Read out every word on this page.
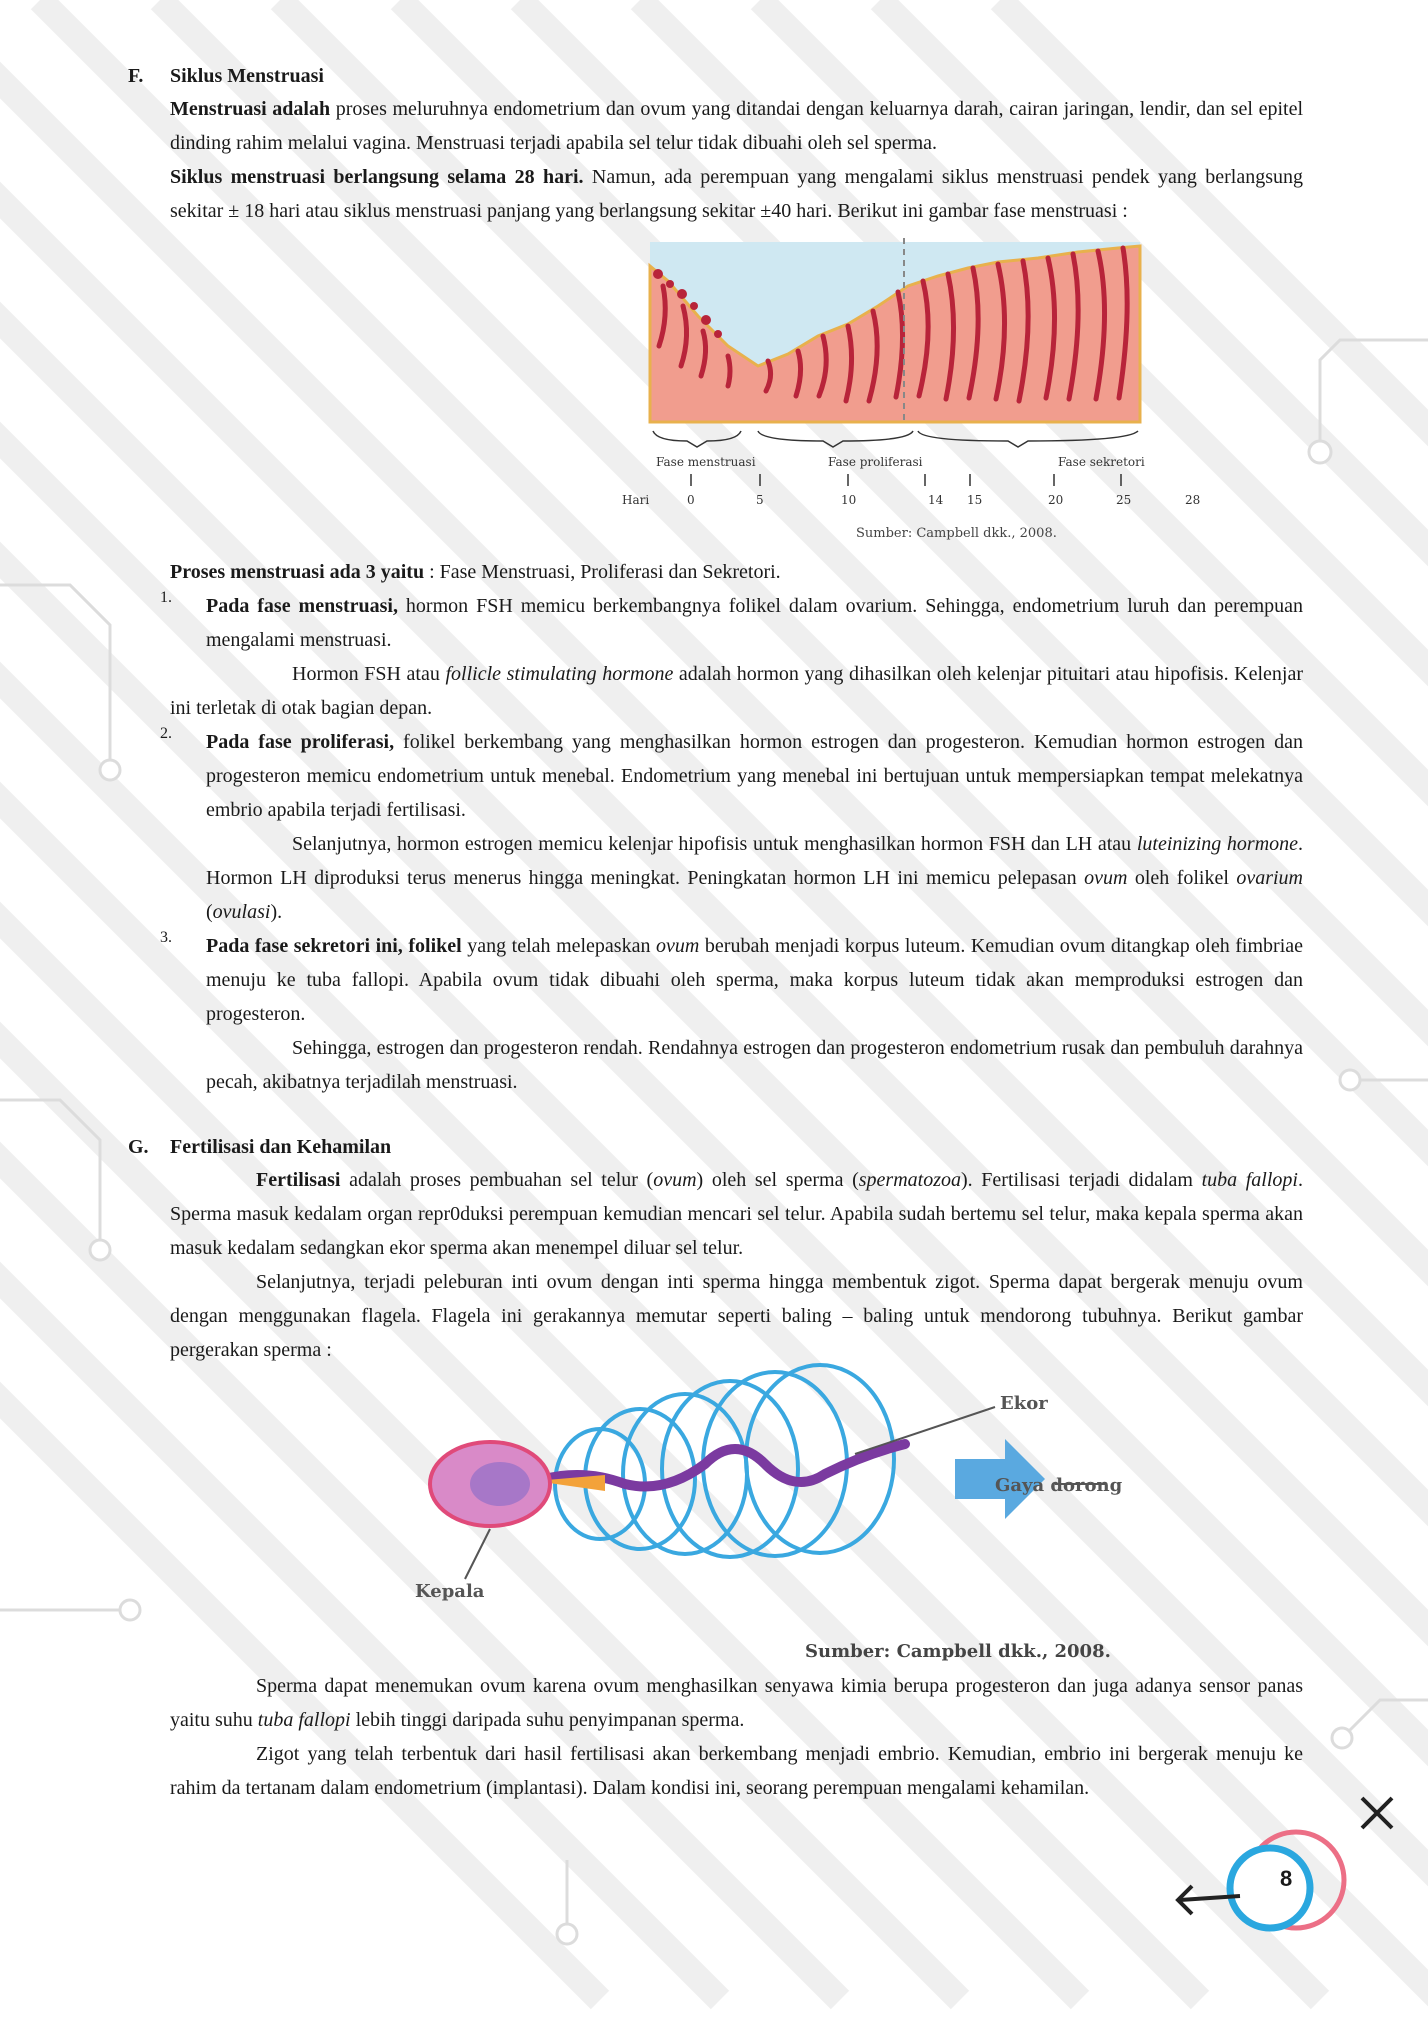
8
F. Siklus Menstruasi

Menstruasi adalah proses meluruhnya endometrium dan ovum yang ditandai dengan keluarnya darah, cairan jaringan, lendir, dan sel epitel dinding rahim melalui vagina. Menstruasi terjadi apabila sel telur tidak dibuahi oleh sel sperma.

Siklus menstruasi berlangsung selama 28 hari. Namun, ada perempuan yang mengalami siklus menstruasi pendek yang berlangsung sekitar ± 18 hari atau siklus menstruasi panjang yang berlangsung sekitar ±40 hari. Berikut ini gambar fase menstruasi :

Fase menstruasi	Fase proliferasi	Fase sekretori
Hari	0	5	10	14 15	20	25	28
Sumber: Campbell dkk., 2008.

Proses menstruasi ada 3 yaitu : Fase Menstruasi, Proliferasi dan Sekretori.

1. Pada fase menstruasi, hormon FSH memicu berkembangnya folikel dalam ovarium. Sehingga, endometrium luruh dan perempuan mengalami menstruasi.

Hormon FSH atau follicle stimulating hormone adalah hormon yang dihasilkan oleh kelenjar pituitari atau hipofisis. Kelenjar ini terletak di otak bagian depan.

2. Pada fase proliferasi, folikel berkembang yang menghasilkan hormon estrogen dan progesteron. Kemudian hormon estrogen dan progesteron memicu endometrium untuk menebal. Endometrium yang menebal ini bertujuan untuk mempersiapkan tempat melekatnya embrio apabila terjadi fertilisasi.

Selanjutnya, hormon estrogen memicu kelenjar hipofisis untuk menghasilkan hormon FSH dan LH atau luteinizing hormone. Hormon LH diproduksi terus menerus hingga meningkat. Peningkatan hormon LH ini memicu pelepasan ovum oleh folikel ovarium (ovulasi).

3. Pada fase sekretori ini, folikel yang telah melepaskan ovum berubah menjadi korpus luteum. Kemudian ovum ditangkap oleh fimbriae menuju ke tuba fallopi. Apabila ovum tidak dibuahi oleh sperma, maka korpus luteum tidak akan memproduksi estrogen dan progesteron.

Sehingga, estrogen dan progesteron rendah. Rendahnya estrogen dan progesteron endometrium rusak dan pembuluh darahnya pecah, akibatnya terjadilah menstruasi.

G. Fertilisasi dan Kehamilan

Fertilisasi adalah proses pembuahan sel telur (ovum) oleh sel sperma (spermatozoa). Fertilisasi terjadi didalam tuba fallopi. Sperma masuk kedalam organ repr0duksi perempuan kemudian mencari sel telur. Apabila sudah bertemu sel telur, maka kepala sperma akan masuk kedalam sedangkan ekor sperma akan menempel diluar sel telur.

Selanjutnya, terjadi peleburan inti ovum dengan inti sperma hingga membentuk zigot. Sperma dapat bergerak menuju ovum dengan menggunakan flagela. Flagela ini gerakannya memutar seperti baling – baling untuk mendorong tubuhnya. Berikut gambar pergerakan sperma :

Ekor
Gaya dorong
Kepala
Sumber: Campbell dkk., 2008.

Sperma dapat menemukan ovum karena ovum menghasilkan senyawa kimia berupa progesteron dan juga adanya sensor panas yaitu suhu tuba fallopi lebih tinggi daripada suhu penyimpanan sperma.

Zigot yang telah terbentuk dari hasil fertilisasi akan berkembang menjadi embrio. Kemudian, embrio ini bergerak menuju ke rahim da tertanam dalam endometrium (implantasi). Dalam kondisi ini, seorang perempuan mengalami kehamilan.
